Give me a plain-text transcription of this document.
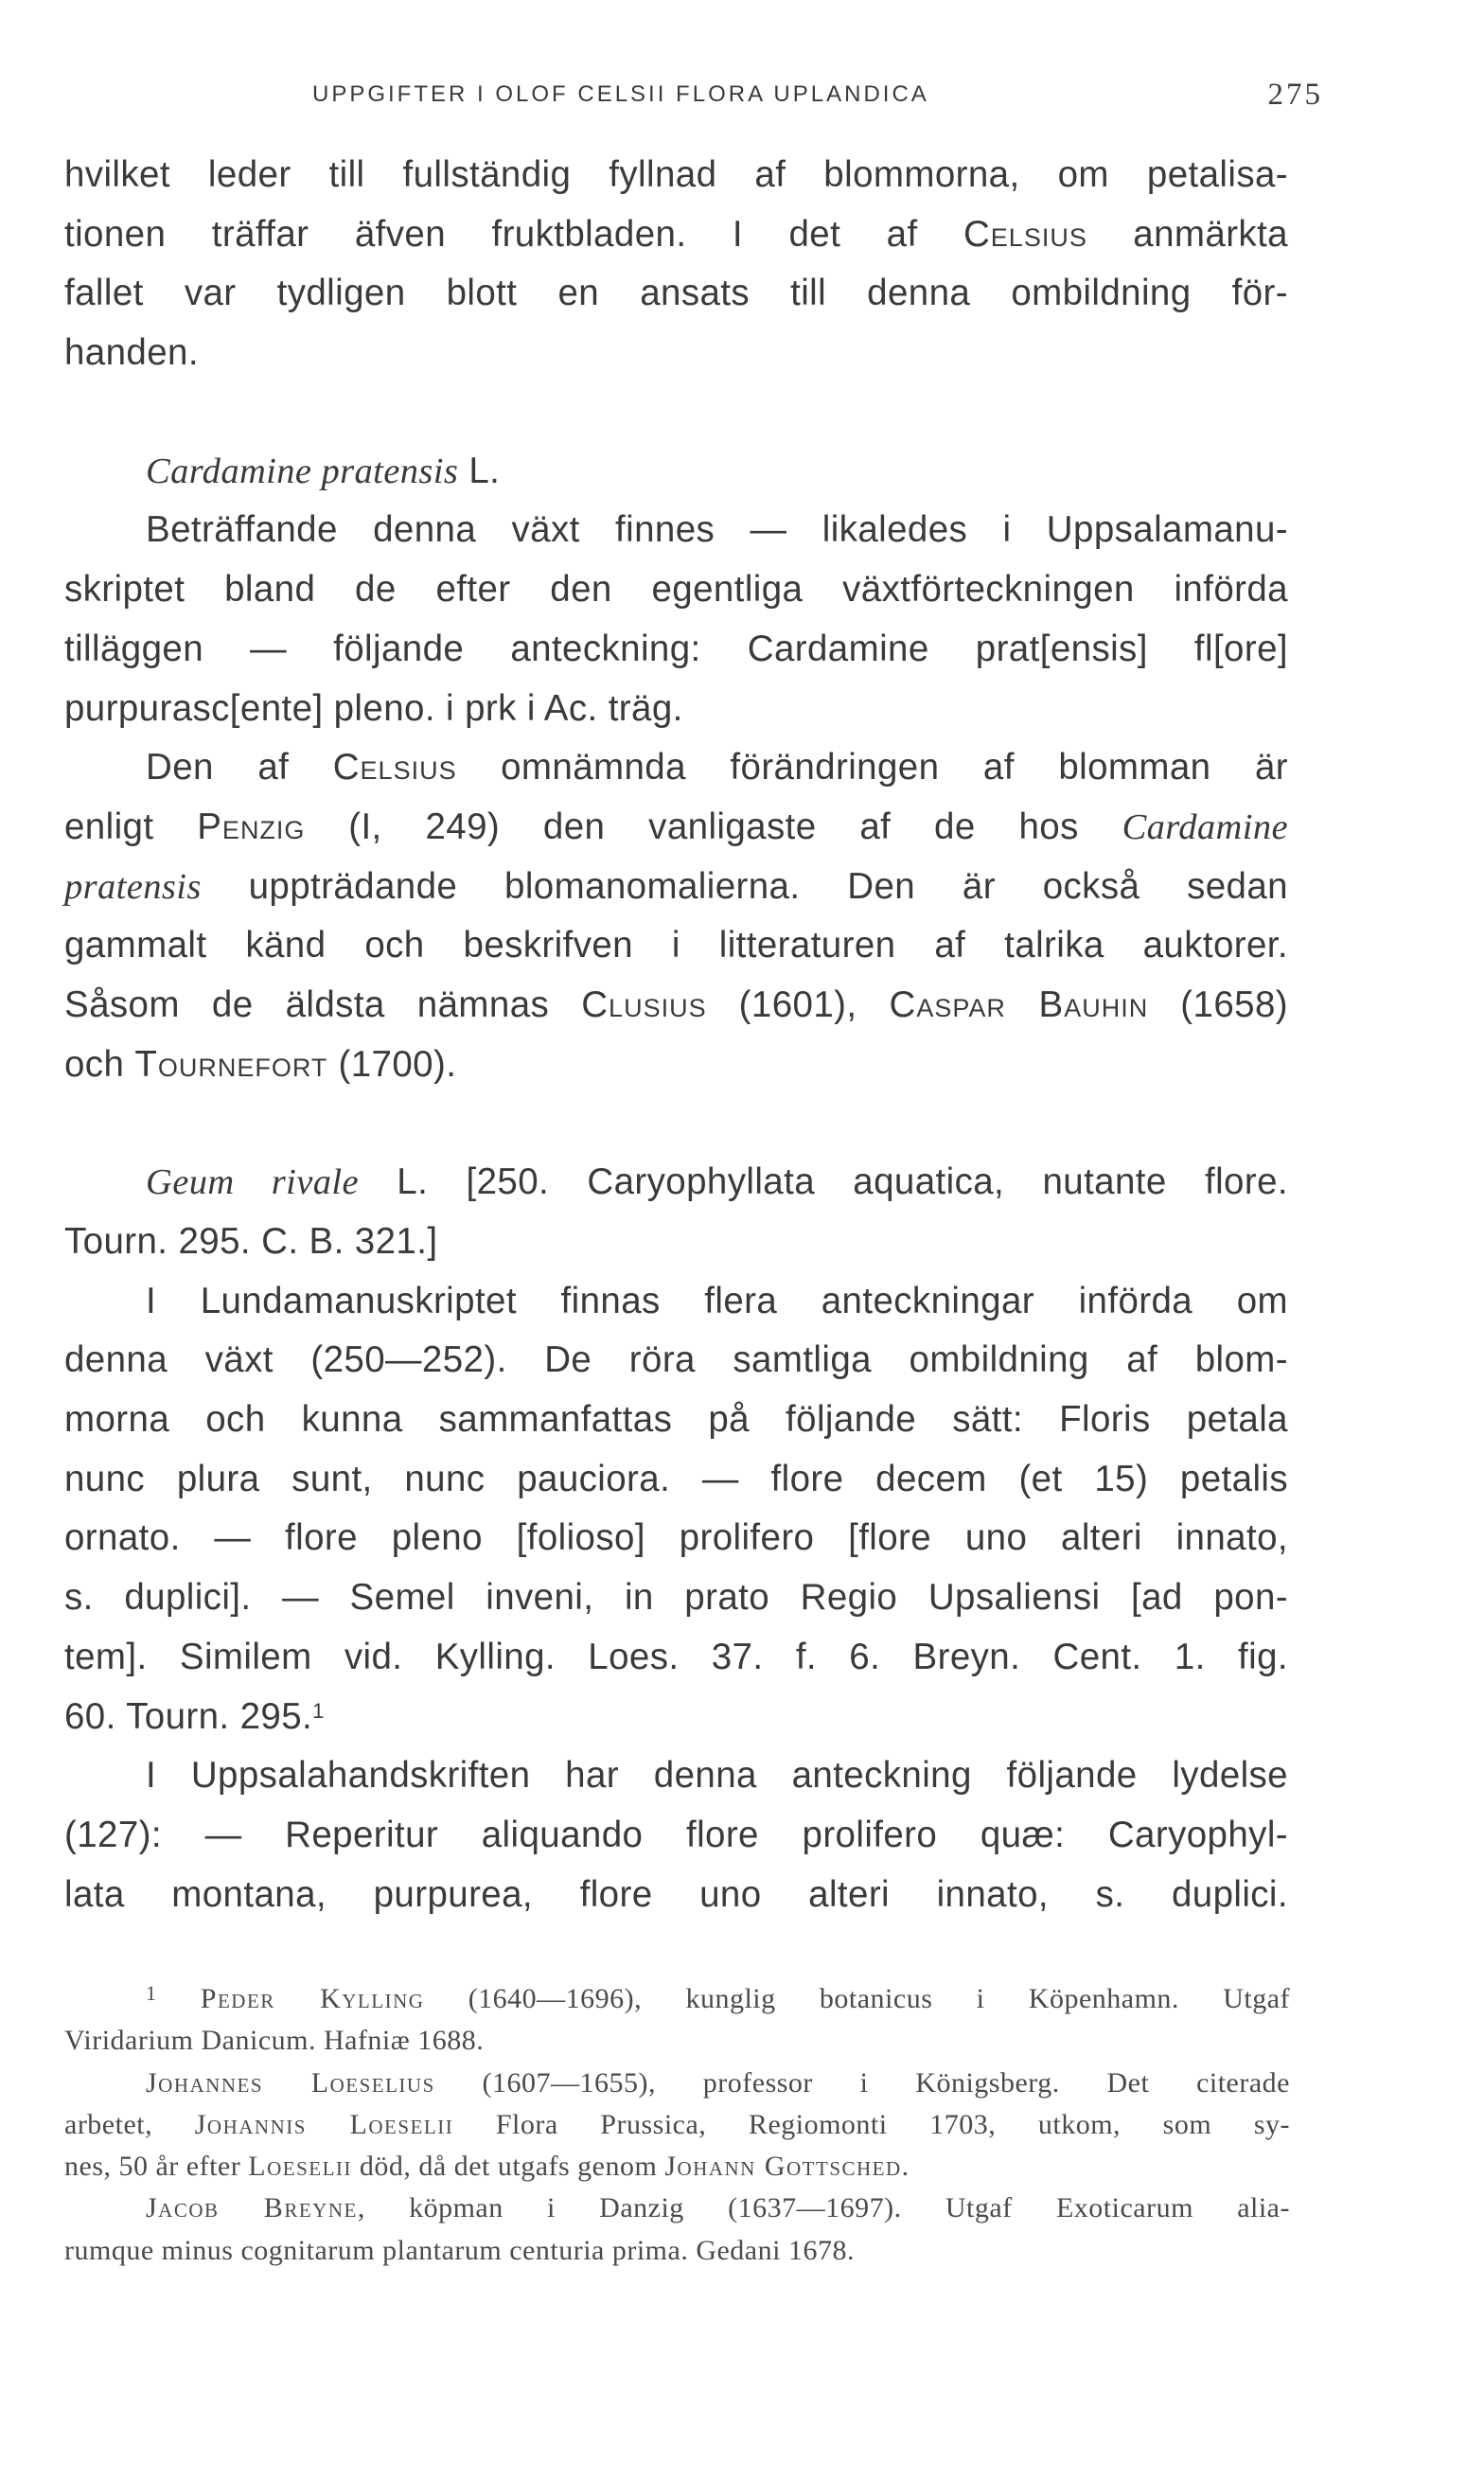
UPPGIFTER I OLOF CELSII FLORA UPLANDICA	275
hvilket leder till fullständig fyllnad af blommorna, om petalisa-
tionen träffar äfven fruktbladen. I det af Celsius anmärkta
fallet var tydligen blott en ansats till denna ombildning för-
handen.
Cardamine pratensis L.
Beträffande denna växt finnes — likaledes i Uppsalamanu-
skriptet bland de efter den egentliga växtförteckningen införda
tilläggen — följande anteckning: Cardamine prat[ensis] fl[ore]
purpurasc[ente] pleno. i prk i Ac. träg.
Den af Celsius omnämnda förändringen af blomman är
enligt Penzig (I, 249) den vanligaste af de hos Cardamine
pratensis uppträdande blomanomalierna. Den är också sedan
gammalt känd och beskrifven i litteraturen af talrika auktorer.
Såsom de äldsta nämnas Clusius (1601), Caspar Bauhin (1658)
och Tournefort (1700).
Geum rivale L. [250. Caryophyllata aquatica, nutante flore.
Tourn. 295. C. B. 321.]
I Lundamanuskriptet finnas flera anteckningar införda om
denna växt (250—252). De röra samtliga ombildning af blom-
morna och kunna sammanfattas på följande sätt: Floris petala
nunc plura sunt, nunc pauciora. — flore decem (et 15) petalis
ornato. — flore pleno [folioso] prolifero [flore uno alteri innato,
s. duplici]. — Semel inveni, in prato Regio Upsaliensi [ad pon-
tem]. Similem vid. Kylling. Loes. 37. f. 6. Breyn. Cent. 1. fig.
60. Tourn. 295.$^1$
I Uppsalahandskriften har denna anteckning följande lydelse
(127): — Reperitur aliquando flore prolifero quæ: Caryophyl-
lata montana, purpurea, flore uno alteri innato, s. duplici.
$^1$ Peder Kylling (1640—1696), kunglig botanicus i Köpenhamn. Utgaf
Viridarium Danicum. Hafniæ 1688.
Johannes Loeselius (1607—1655), professor i Königsberg. Det citerade
arbetet, Johannis Loeselii Flora Prussica, Regiomonti 1703, utkom, som sy-
nes, 50 år efter Loeselii död, då det utgafs genom Johann Gottsched.
Jacob Breyne, köpman i Danzig (1637—1697). Utgaf Exoticarum alia-
rumque minus cognitarum plantarum centuria prima. Gedani 1678.
